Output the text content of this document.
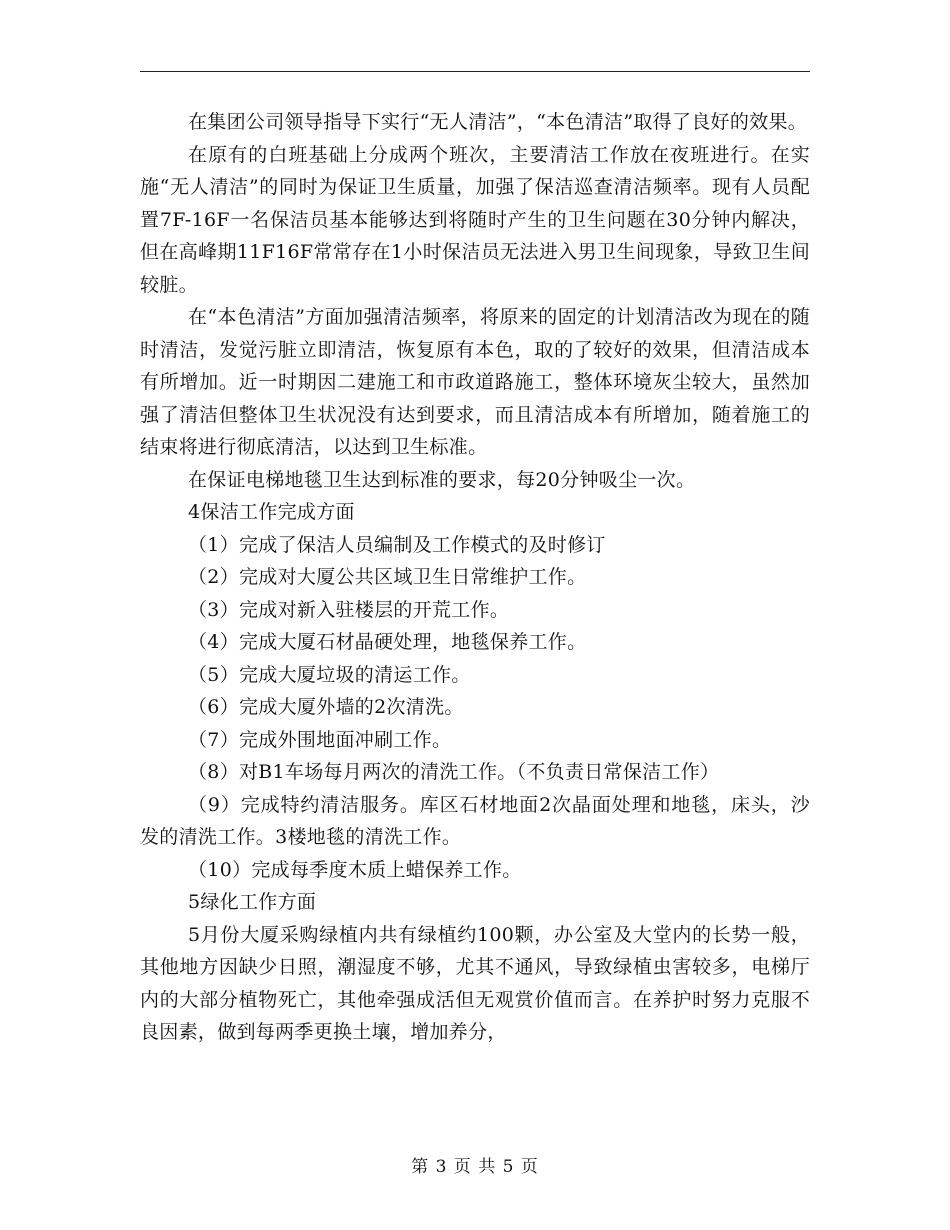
在集团公司领导指导下实行“无人清洁”，“本色清洁”取得了良好的效果。

在原有的白班基础上分成两个班次，主要清洁工作放在夜班进行。在实施“无人清洁”的同时为保证卫生质量，加强了保洁巡查清洁频率。现有人员配置7F-16F一名保洁员基本能够达到将随时产生的卫生问题在30分钟内解决，但在高峰期11F16F常常存在1小时保洁员无法进入男卫生间现象，导致卫生间较脏。

在“本色清洁”方面加强清洁频率，将原来的固定的计划清洁改为现在的随时清洁，发觉污脏立即清洁，恢复原有本色，取的了较好的效果，但清洁成本有所增加。近一时期因二建施工和市政道路施工，整体环境灰尘较大，虽然加强了清洁但整体卫生状况没有达到要求，而且清洁成本有所增加，随着施工的结束将进行彻底清洁，以达到卫生标准。

在保证电梯地毯卫生达到标准的要求，每20分钟吸尘一次。

4保洁工作完成方面

（1）完成了保洁人员编制及工作模式的及时修订

（2）完成对大厦公共区域卫生日常维护工作。

（3）完成对新入驻楼层的开荒工作。

（4）完成大厦石材晶硬处理，地毯保养工作。

（5）完成大厦垃圾的清运工作。

（6）完成大厦外墙的2次清洗。

（7）完成外围地面冲刷工作。

（8）对B1车场每月两次的清洗工作。（不负责日常保洁工作）

（9）完成特约清洁服务。库区石材地面2次晶面处理和地毯，床头，沙发的清洗工作。3楼地毯的清洗工作。

（10）完成每季度木质上蜡保养工作。

5绿化工作方面

5月份大厦采购绿植内共有绿植约100颗，办公室及大堂内的长势一般，其他地方因缺少日照，潮湿度不够，尤其不通风，导致绿植虫害较多，电梯厅内的大部分植物死亡，其他牵强成活但无观赏价值而言。在养护时努力克服不良因素，做到每两季更换土壤，增加养分，

第 3 页 共 5 页
